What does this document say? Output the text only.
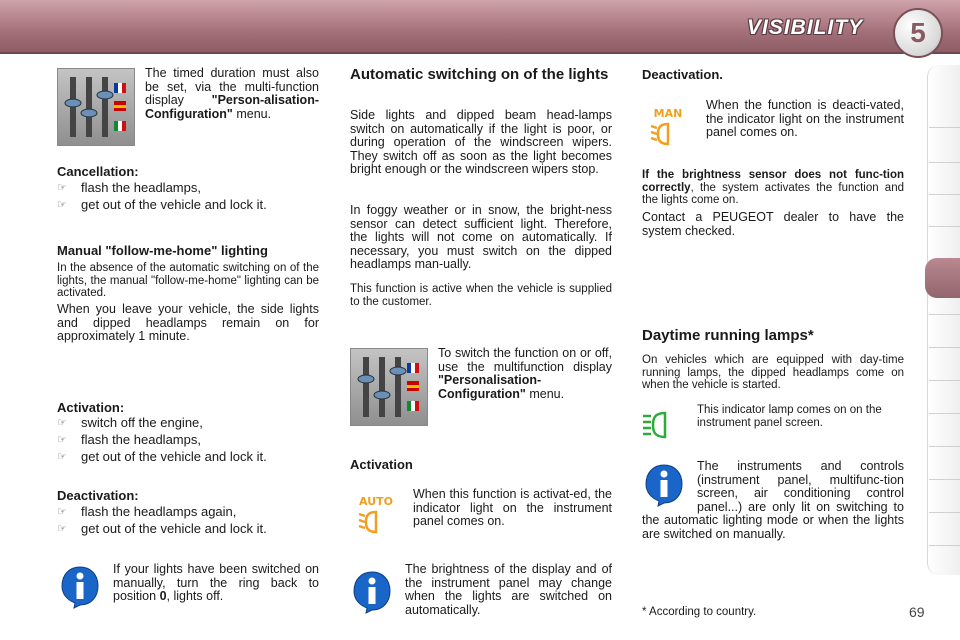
VISIBILITY	5
The timed duration must also be set, via the multi-function display "Person-alisation-Configuration" menu.
Cancellation:
☞ flash the headlamps,
☞ get out of the vehicle and lock it.
Manual "follow-me-home" lighting
In the absence of the automatic switching on of the lights, the manual "follow-me-home" lighting can be activated.
When you leave your vehicle, the side lights and dipped headlamps remain on for approximately 1 minute.
Activation:
☞ switch off the engine,
☞ flash the headlamps,
☞ get out of the vehicle and lock it.
Deactivation:
☞ flash the headlamps again,
☞ get out of the vehicle and lock it.
If your lights have been switched on manually, turn the ring back to position 0, lights off.
Automatic switching on of the lights
Side lights and dipped beam head-lamps switch on automatically if the light is poor, or during operation of the windscreen wipers. They switch off as soon as the light becomes bright enough or the windscreen wipers stop.
In foggy weather or in snow, the bright-ness sensor can detect sufficient light. Therefore, the lights will not come on automatically. If necessary, you must switch on the dipped headlamps man-ually.
This function is active when the vehicle is supplied to the customer.
To switch the function on or off, use the multifunction display "Personalisation-Configuration" menu.
Activation
AUTO
When this function is activat-ed, the indicator light on the instrument panel comes on.
The brightness of the display and of the instrument panel may change when the lights are switched on automatically.
Deactivation.
MAN
When the function is deacti-vated, the indicator light on the instrument panel comes on.
If the brightness sensor does not func-tion correctly, the system activates the function and the lights come on.
Contact a PEUGEOT dealer to have the system checked.
Daytime running lamps*
On vehicles which are equipped with day-time running lamps, the dipped headlamps come on when the vehicle is started.
This indicator lamp comes on on the instrument panel screen.
The instruments and controls (instrument panel, multifunc-tion screen, air conditioning control panel...) are only lit on switching to the automatic lighting mode or when the lights are switched on manually.
* According to country.	69
